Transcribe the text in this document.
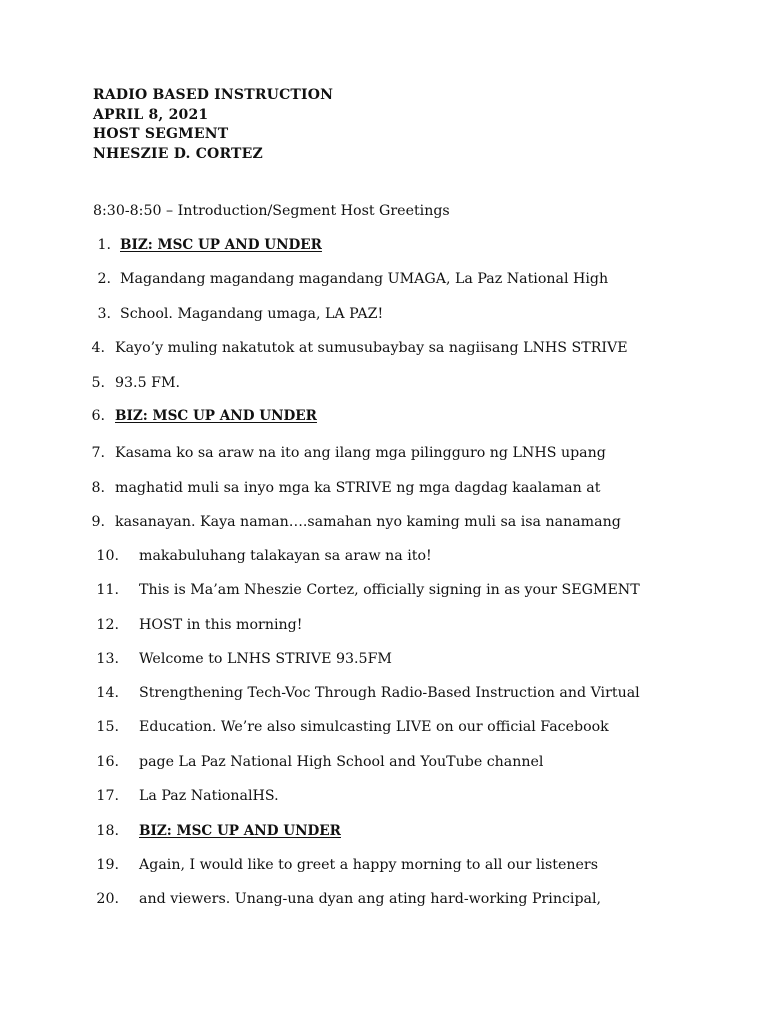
RADIO BASED INSTRUCTION
APRIL 8, 2021
HOST SEGMENT
NHESZIE D. CORTEZ
8:30-8:50 – Introduction/Segment Host Greetings
1. BIZ: MSC UP AND UNDER
2. Magandang magandang magandang UMAGA, La Paz National High
3. School. Magandang umaga, LA PAZ!
4. Kayo’y muling nakatutok at sumusubaybay sa nagiisang LNHS STRIVE
5. 93.5 FM.
6. BIZ: MSC UP AND UNDER
7. Kasama ko sa araw na ito ang ilang mga pilingguro ng LNHS upang
8. maghatid muli sa inyo mga ka STRIVE ng mga dagdag kaalaman at
9. kasanayan. Kaya naman….samahan nyo kaming muli sa isa nanamang
10. makabuluhang talakayan sa araw na ito!
11. This is Ma’am Nheszie Cortez, officially signing in as your SEGMENT
12. HOST in this morning!
13. Welcome to LNHS STRIVE 93.5FM
14. Strengthening Tech-Voc Through Radio-Based Instruction and Virtual
15. Education. We’re also simulcasting LIVE on our official Facebook
16. page La Paz National High School and YouTube channel
17. La Paz NationalHS.
18. BIZ: MSC UP AND UNDER
19. Again, I would like to greet a happy morning to all our listeners
20. and viewers. Unang-una dyan ang ating hard-working Principal,
